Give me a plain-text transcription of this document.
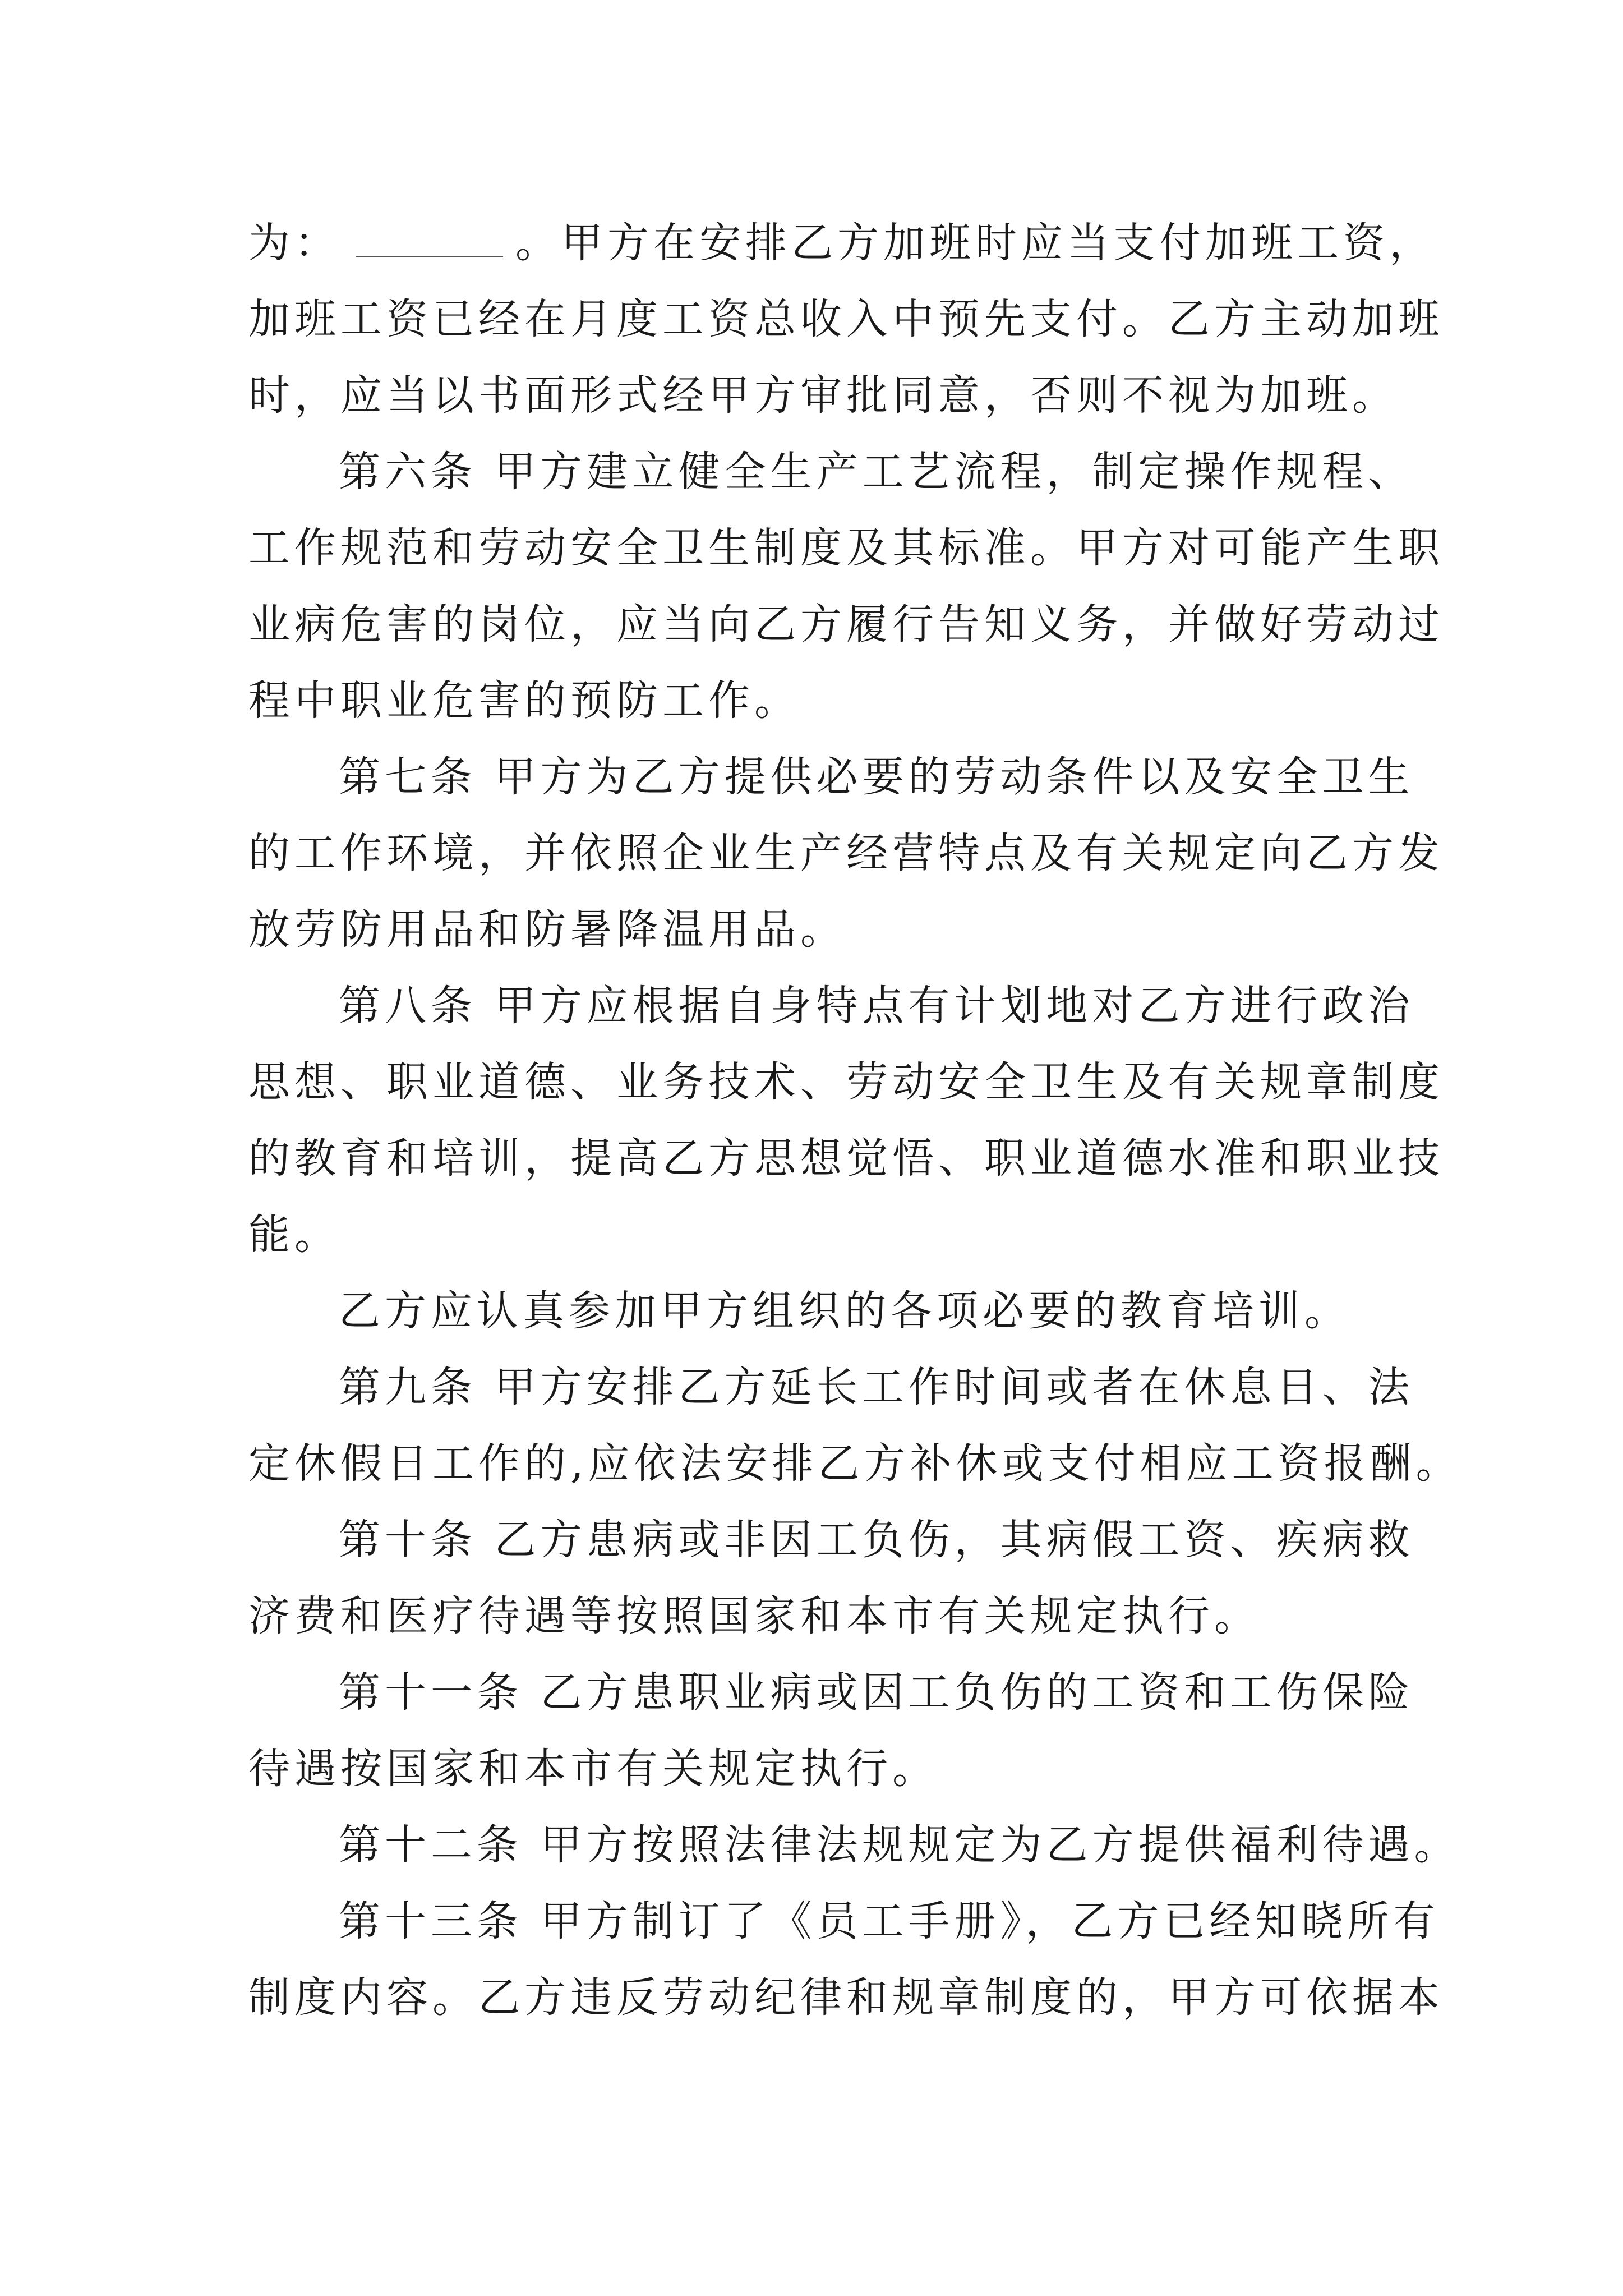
为：	。甲方在安排乙方加班时应当支付加班工资，
加班工资已经在月度工资总收入中预先支付。乙方主动加班
时，应当以书面形式经甲方审批同意，否则不视为加班。
第六条 甲方建立健全生产工艺流程，制定操作规程、
工作规范和劳动安全卫生制度及其标准。甲方对可能产生职
业病危害的岗位，应当向乙方履行告知义务，并做好劳动过
程中职业危害的预防工作。
第七条 甲方为乙方提供必要的劳动条件以及安全卫生
的工作环境，并依照企业生产经营特点及有关规定向乙方发
放劳防用品和防暑降温用品。
第八条 甲方应根据自身特点有计划地对乙方进行政治
思想、职业道德、业务技术、劳动安全卫生及有关规章制度
的教育和培训，提高乙方思想觉悟、职业道德水准和职业技
能。
乙方应认真参加甲方组织的各项必要的教育培训。
第九条 甲方安排乙方延长工作时间或者在休息日、法
定休假日工作的,应依法安排乙方补休或支付相应工资报酬。
第十条 乙方患病或非因工负伤，其病假工资、疾病救
济费和医疗待遇等按照国家和本市有关规定执行。
第十一条 乙方患职业病或因工负伤的工资和工伤保险
待遇按国家和本市有关规定执行。
第十二条 甲方按照法律法规规定为乙方提供福利待遇。
第十三条 甲方制订了《员工手册》，乙方已经知晓所有
制度内容。乙方违反劳动纪律和规章制度的，甲方可依据本
